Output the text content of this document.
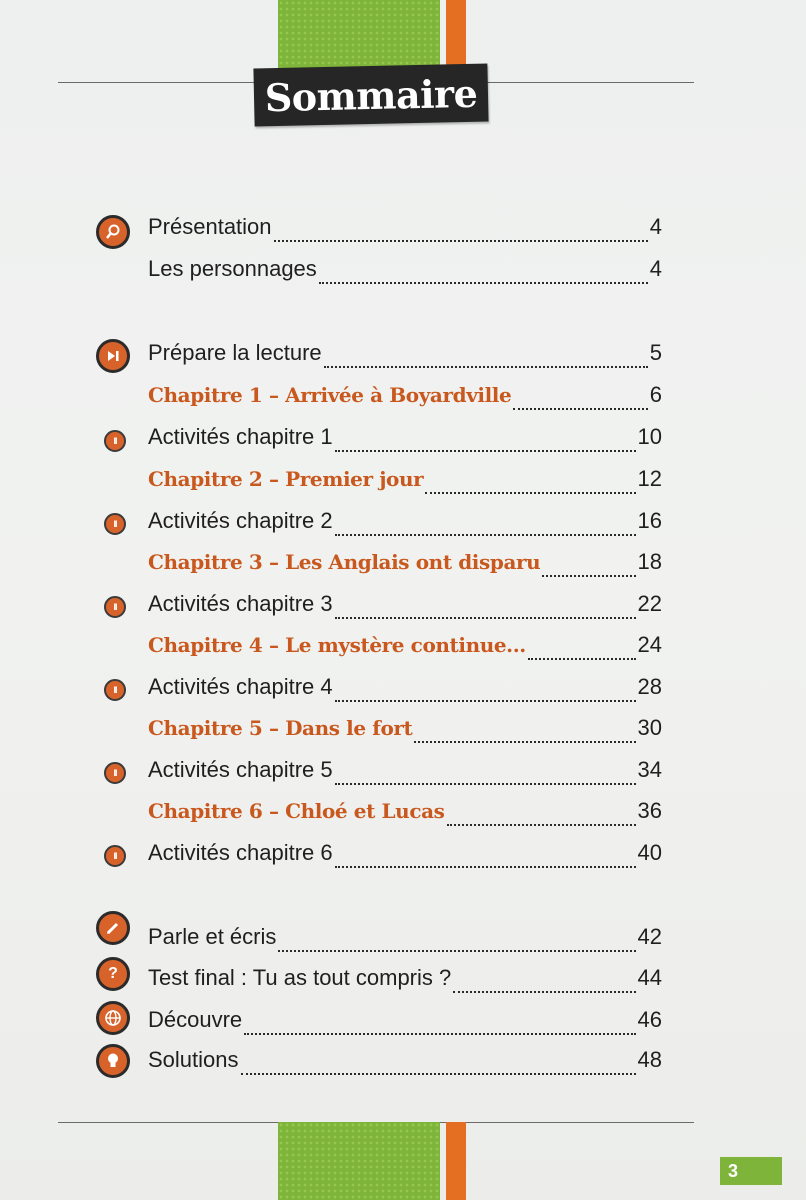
Sommaire
Présentation	4
Les personnages	4
Prépare la lecture	5
Chapitre 1 – Arrivée à Boyardville	6
Activités chapitre 1	10
Chapitre 2 – Premier jour	12
Activités chapitre 2	16
Chapitre 3 – Les Anglais ont disparu	18
Activités chapitre 3	22
Chapitre 4 – Le mystère continue...	24
Activités chapitre 4	28
Chapitre 5 – Dans le fort	30
Activités chapitre 5	34
Chapitre 6 – Chloé et Lucas	36
Activités chapitre 6	40
Parle et écris	42
Test final : Tu as tout compris ?	44
Découvre	46
Solutions	48
II
II
II
II
II
II
?
3
